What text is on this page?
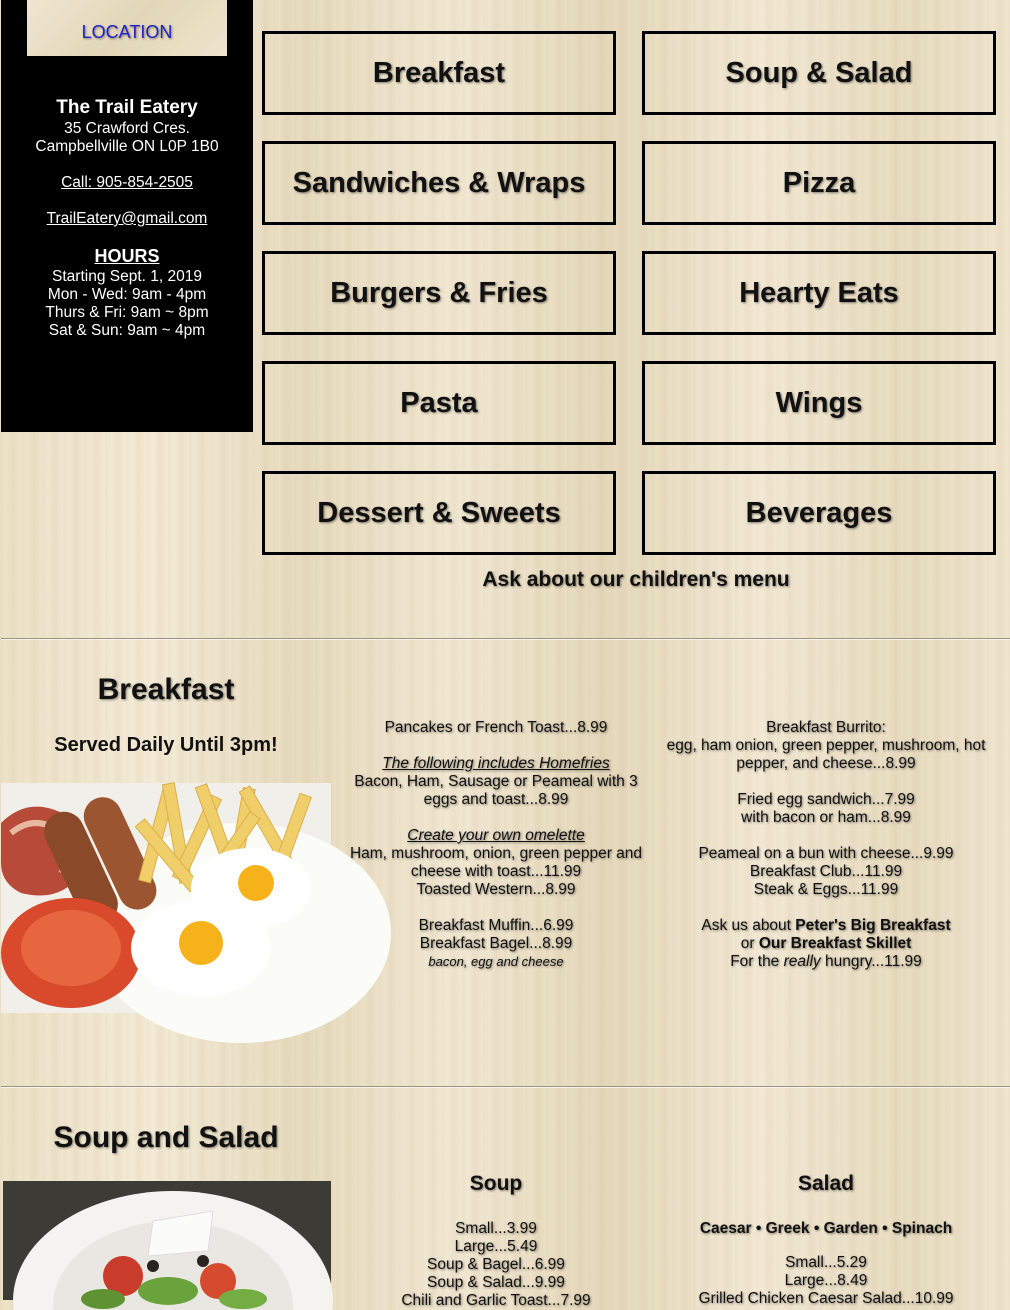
LOCATION
The Trail Eatery
35 Crawford Cres.
Campbellville ON L0P 1B0
Call: 905-854-2505
TrailEatery@gmail.com
HOURS
Starting Sept. 1, 2019
Mon - Wed: 9am - 4pm
Thurs & Fri: 9am ~ 8pm
Sat & Sun: 9am ~ 4pm
Breakfast	Soup & Salad
Sandwiches & Wraps	Pizza
Burgers & Fries	Hearty Eats
Pasta	Wings
Dessert & Sweets	Beverages
Ask about our children's menu
Breakfast
Served Daily Until 3pm!

Pancakes or French Toast...8.99

The following includes Homefries

Bacon, Ham, Sausage or Peameal with 3 eggs and toast...8.99

Create your own omelette

Ham, mushroom, onion, green pepper and cheese with toast...11.99

Toasted Western...8.99

Breakfast Muffin...6.99

Breakfast Bagel...8.99

bacon, egg and cheese

Breakfast Burrito:

egg, ham onion, green pepper, mushroom, hot pepper, and cheese...8.99

Fried egg sandwich...7.99

with bacon or ham...8.99

Peameal on a bun with cheese...9.99

Breakfast Club...11.99

Steak & Eggs...11.99

Ask us about Peter's Big Breakfast

or Our Breakfast Skillet

For the really hungry...11.99

Soup and Salad
Soup

Small...3.99

Large...5.49

Soup & Bagel...6.99

Soup & Salad...9.99

Chili and Garlic Toast...7.99

Salad

Caesar • Greek • Garden • Spinach

Small...5.29

Large...8.49

Grilled Chicken Caesar Salad...10.99
